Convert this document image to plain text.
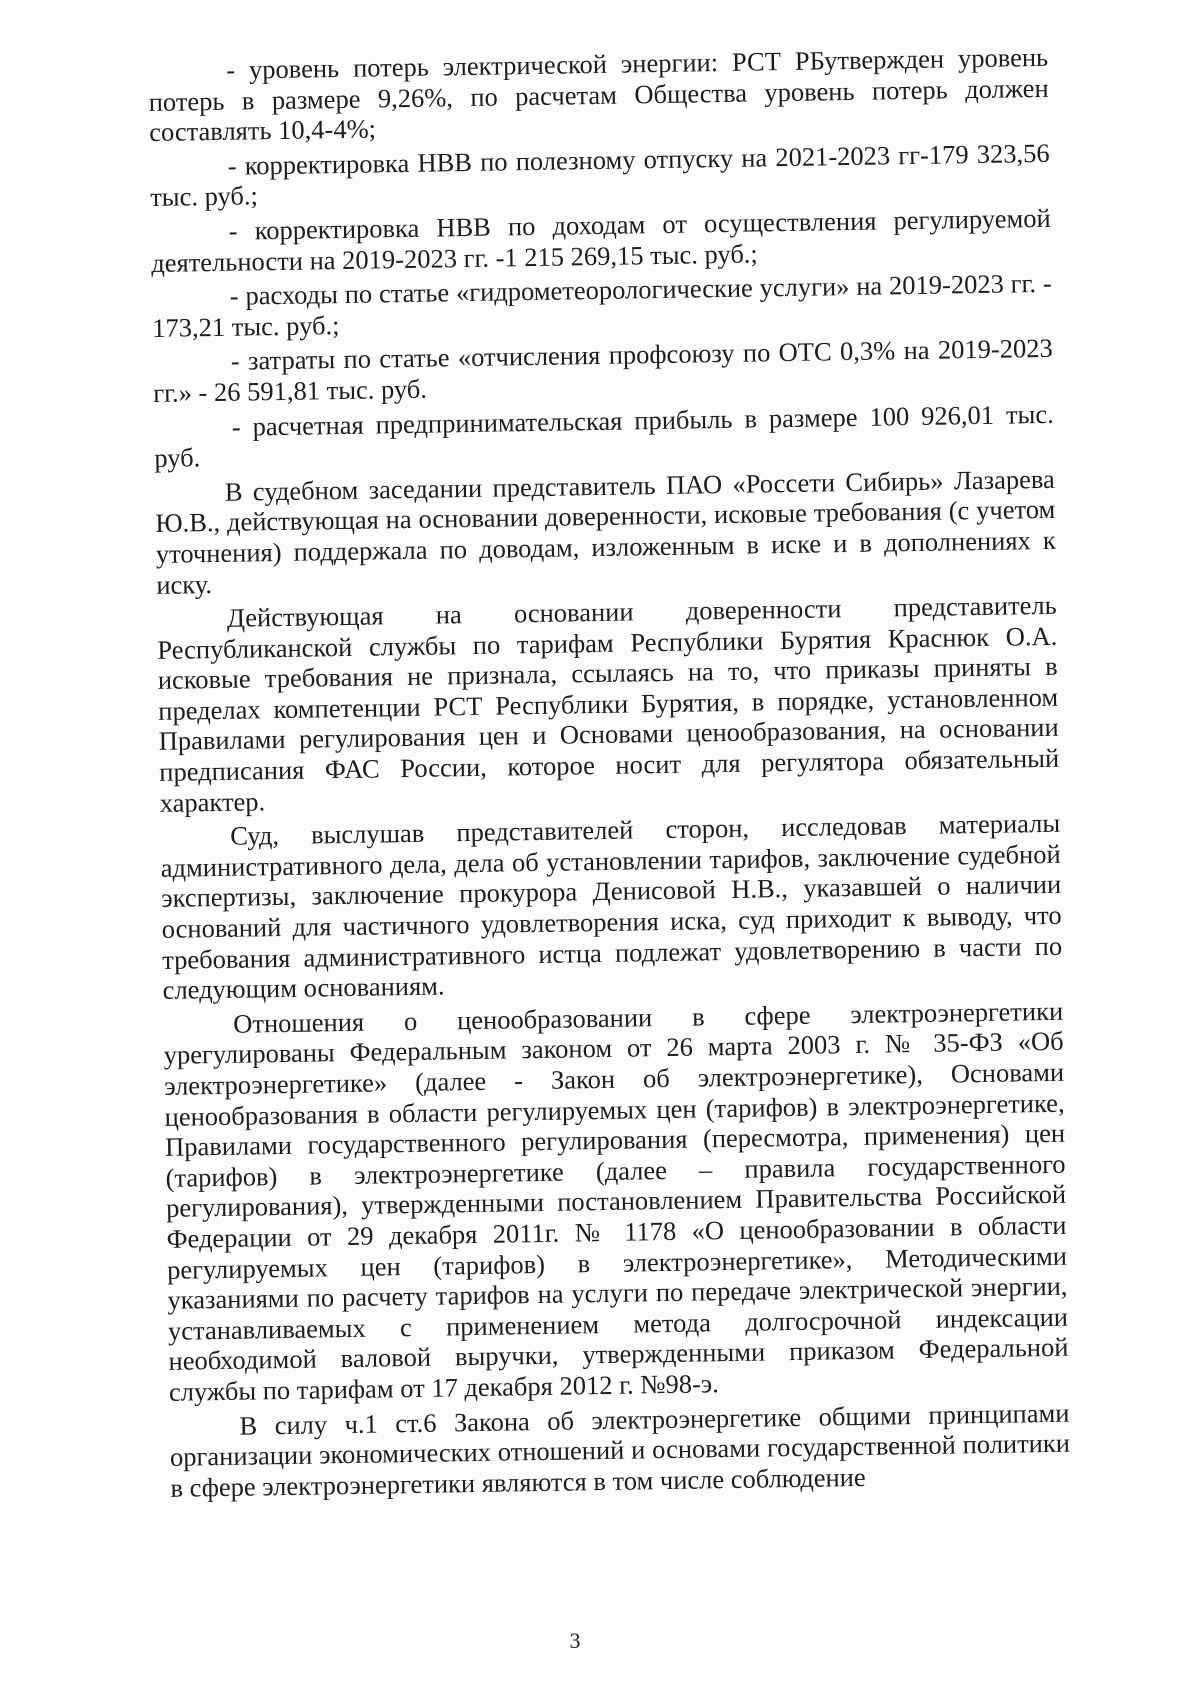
- уровень потерь электрической энергии: РСТ РБутвержден уровень потерь в размере 9,26%, по расчетам Общества уровень потерь должен составлять 10,4-4%;

- корректировка НВВ по полезному отпуску на 2021-2023 гг-179 323,56 тыс. руб.;

- корректировка НВВ по доходам от осуществления регулируемой деятельности на 2019-2023 гг. -1 215 269,15 тыс. руб.;

- расходы по статье «гидрометеорологические услуги» на 2019-2023 гг. - 173,21 тыс. руб.;

- затраты по статье «отчисления профсоюзу по ОТС 0,3% на 2019-2023 гг.» - 26 591,81 тыс. руб.

- расчетная предпринимательская прибыль в размере 100 926,01 тыс. руб.

В судебном заседании представитель ПАО «Россети Сибирь» Лазарева Ю.В., действующая на основании доверенности, исковые требования (с учетом уточнения) поддержала по доводам, изложенным в иске и в дополнениях к иску.

Действующая на основании доверенности представитель Республиканской службы по тарифам Республики Бурятия Краснюк О.А. исковые требования не признала, ссылаясь на то, что приказы приняты в пределах компетенции РСТ Республики Бурятия, в порядке, установленном Правилами регулирования цен и Основами ценообразования, на основании предписания ФАС России, которое носит для регулятора обязательный характер.

Суд, выслушав представителей сторон, исследовав материалы административного дела, дела об установлении тарифов, заключение судебной экспертизы, заключение прокурора Денисовой Н.В., указавшей о наличии оснований для частичного удовлетворения иска, суд приходит к выводу, что требования административного истца подлежат удовлетворению в части по следующим основаниям.

Отношения о ценообразовании в сфере электроэнергетики урегулированы Федеральным законом от 26 марта 2003 г. № 35-ФЗ «Об электроэнергетике» (далее - Закон об электроэнергетике), Основами ценообразования в области регулируемых цен (тарифов) в электроэнергетике, Правилами государственного регулирования (пересмотра, применения) цен (тарифов) в электроэнергетике (далее – правила государственного регулирования), утвержденными постановлением Правительства Российской Федерации от 29 декабря 2011г. № 1178 «О ценообразовании в области регулируемых цен (тарифов) в электроэнергетике», Методическими указаниями по расчету тарифов на услуги по передаче электрической энергии, устанавливаемых с применением метода долгосрочной индексации необходимой валовой выручки, утвержденными приказом Федеральной службы по тарифам от 17 декабря 2012 г. №98-э.

В силу ч.1 ст.6 Закона об электроэнергетике общими принципами организации экономических отношений и основами государственной политики в сфере электроэнергетики являются в том числе соблюдение

3
